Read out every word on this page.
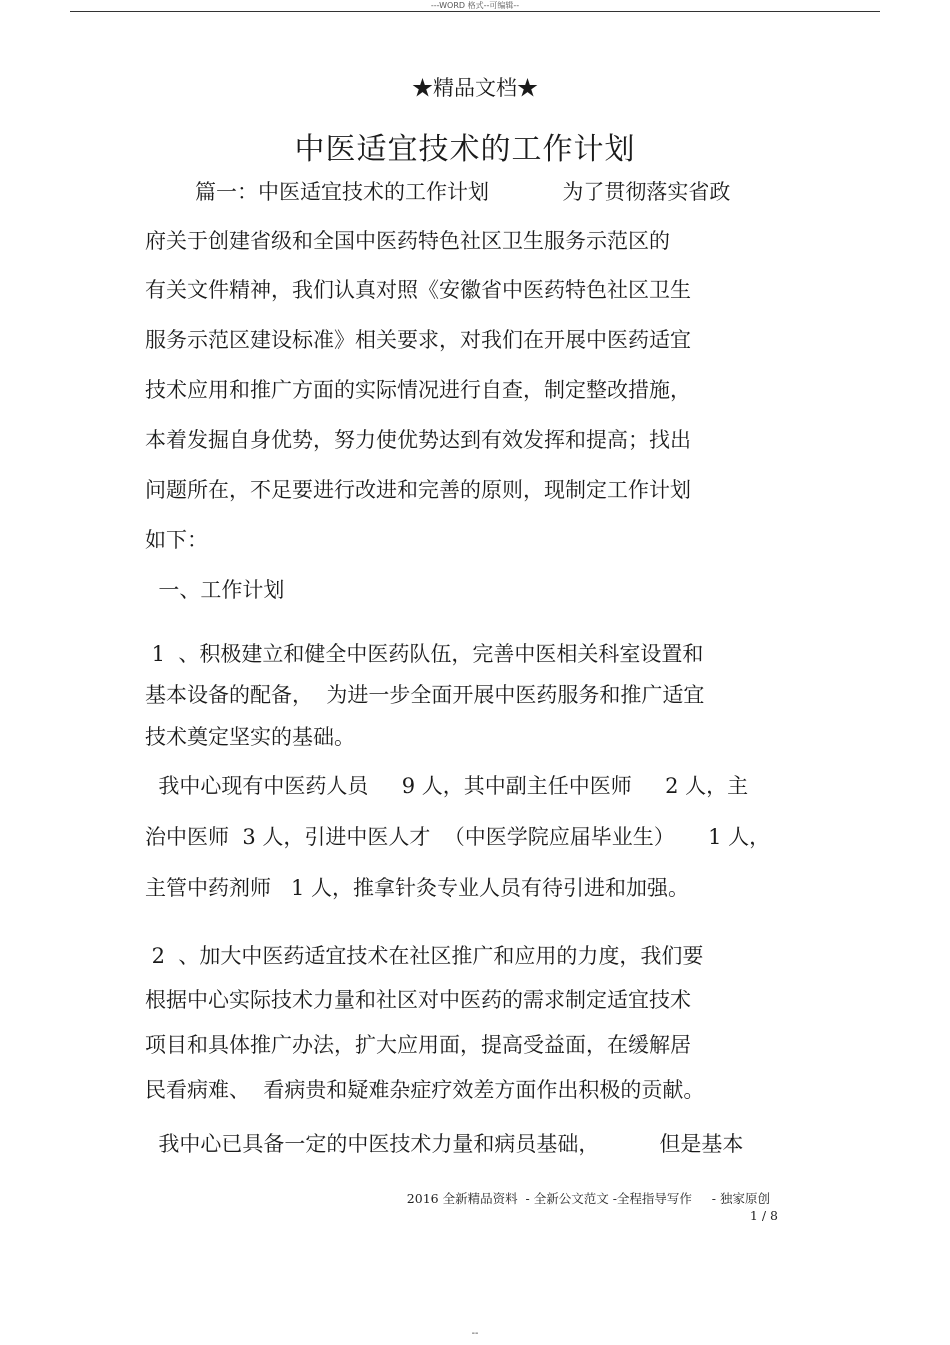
---WORD 格式--可编辑--
★精品文档★
中医适宜技术的工作计划
篇一：中医适宜技术的工作计划           为了贯彻落实省政
府关于创建省级和全国中医药特色社区卫生服务示范区的
有关文件精神，我们认真对照《安徽省中医药特色社区卫生
服务示范区建设标准》相关要求，对我们在开展中医药适宜
技术应用和推广方面的实际情况进行自查，制定整改措施，
本着发掘自身优势，努力使优势达到有效发挥和提高；找出
问题所在，不足要进行改进和完善的原则，现制定工作计划
如下：
一、工作计划
1  、积极建立和健全中医药队伍，完善中医相关科室设置和
基本设备的配备，  为进一步全面开展中医药服务和推广适宜
技术奠定坚实的基础。
我中心现有中医药人员     9 人，其中副主任中医师     2 人，主
治中医师  3 人，引进中医人才  （中医学院应届毕业生）     1 人，
主管中药剂师   1 人，推拿针灸专业人员有待引进和加强。
2  、加大中医药适宜技术在社区推广和应用的力度，我们要
根据中心实际技术力量和社区对中医药的需求制定适宜技术
项目和具体推广办法，扩大应用面，提高受益面，在缓解居
民看病难、  看病贵和疑难杂症疗效差方面作出积极的贡献。
我中心已具备一定的中医技术力量和病员基础，         但是基本
2016 全新精品资料  - 全新公文范文 -全程指导写作     - 独家原创
1 / 8
--
